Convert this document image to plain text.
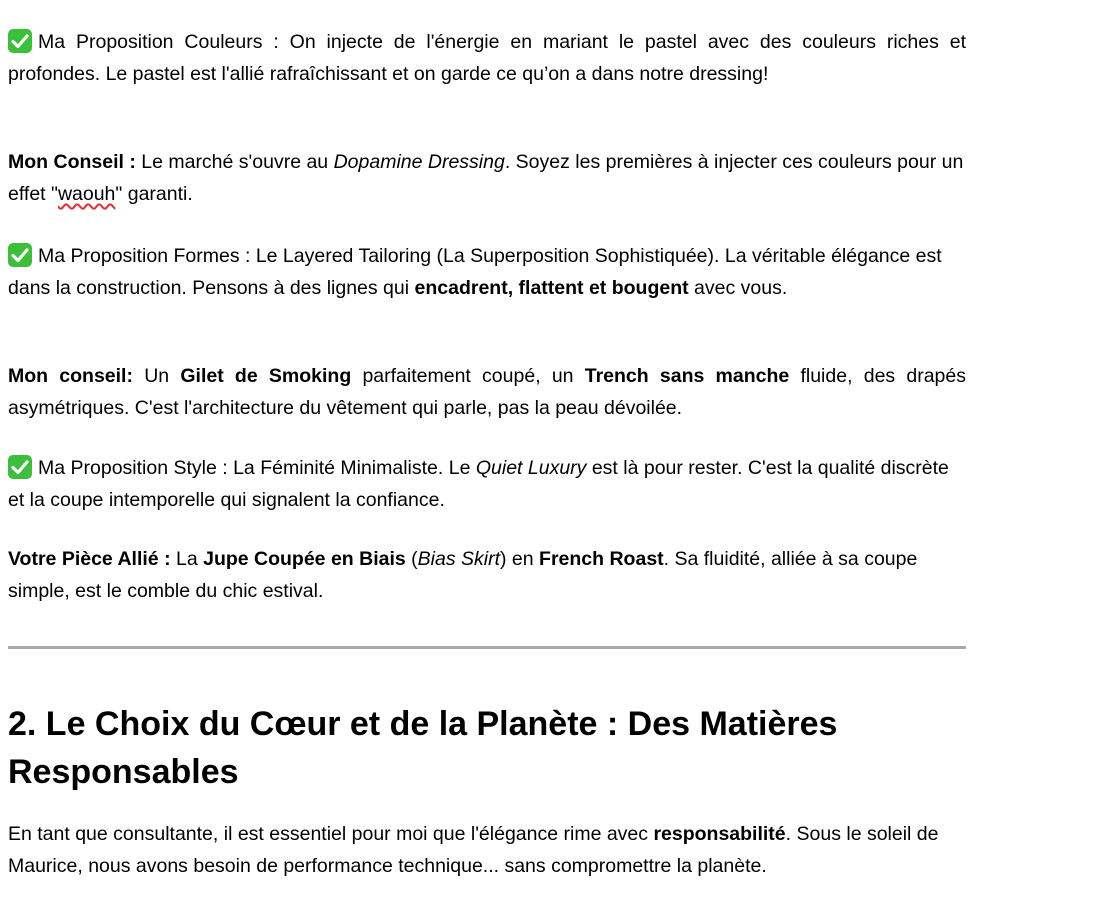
Ma Proposition Couleurs : On injecte de l'énergie en mariant le pastel avec des couleurs riches et profondes. Le pastel est l'allié rafraîchissant et on garde ce qu’on a dans notre dressing!

Mon Conseil : Le marché s'ouvre au Dopamine Dressing. Soyez les premières à injecter ces couleurs pour un effet "waouh" garanti.

Ma Proposition Formes : Le Layered Tailoring (La Superposition Sophistiquée). La véritable élégance est dans la construction. Pensons à des lignes qui encadrent, flattent et bougent avec vous.

Mon conseil: Un Gilet de Smoking parfaitement coupé, un Trench sans manche fluide, des drapés asymétriques. C'est l'architecture du vêtement qui parle, pas la peau dévoilée.

Ma Proposition Style : La Féminité Minimaliste. Le Quiet Luxury est là pour rester. C'est la qualité discrète et la coupe intemporelle qui signalent la confiance.

Votre Pièce Allié : La Jupe Coupée en Biais (Bias Skirt) en French Roast. Sa fluidité, alliée à sa coupe simple, est le comble du chic estival.

2. Le Choix du Cœur et de la Planète : Des Matières Responsables

En tant que consultante, il est essentiel pour moi que l'élégance rime avec responsabilité. Sous le soleil de Maurice, nous avons besoin de performance technique... sans compromettre la planète.
